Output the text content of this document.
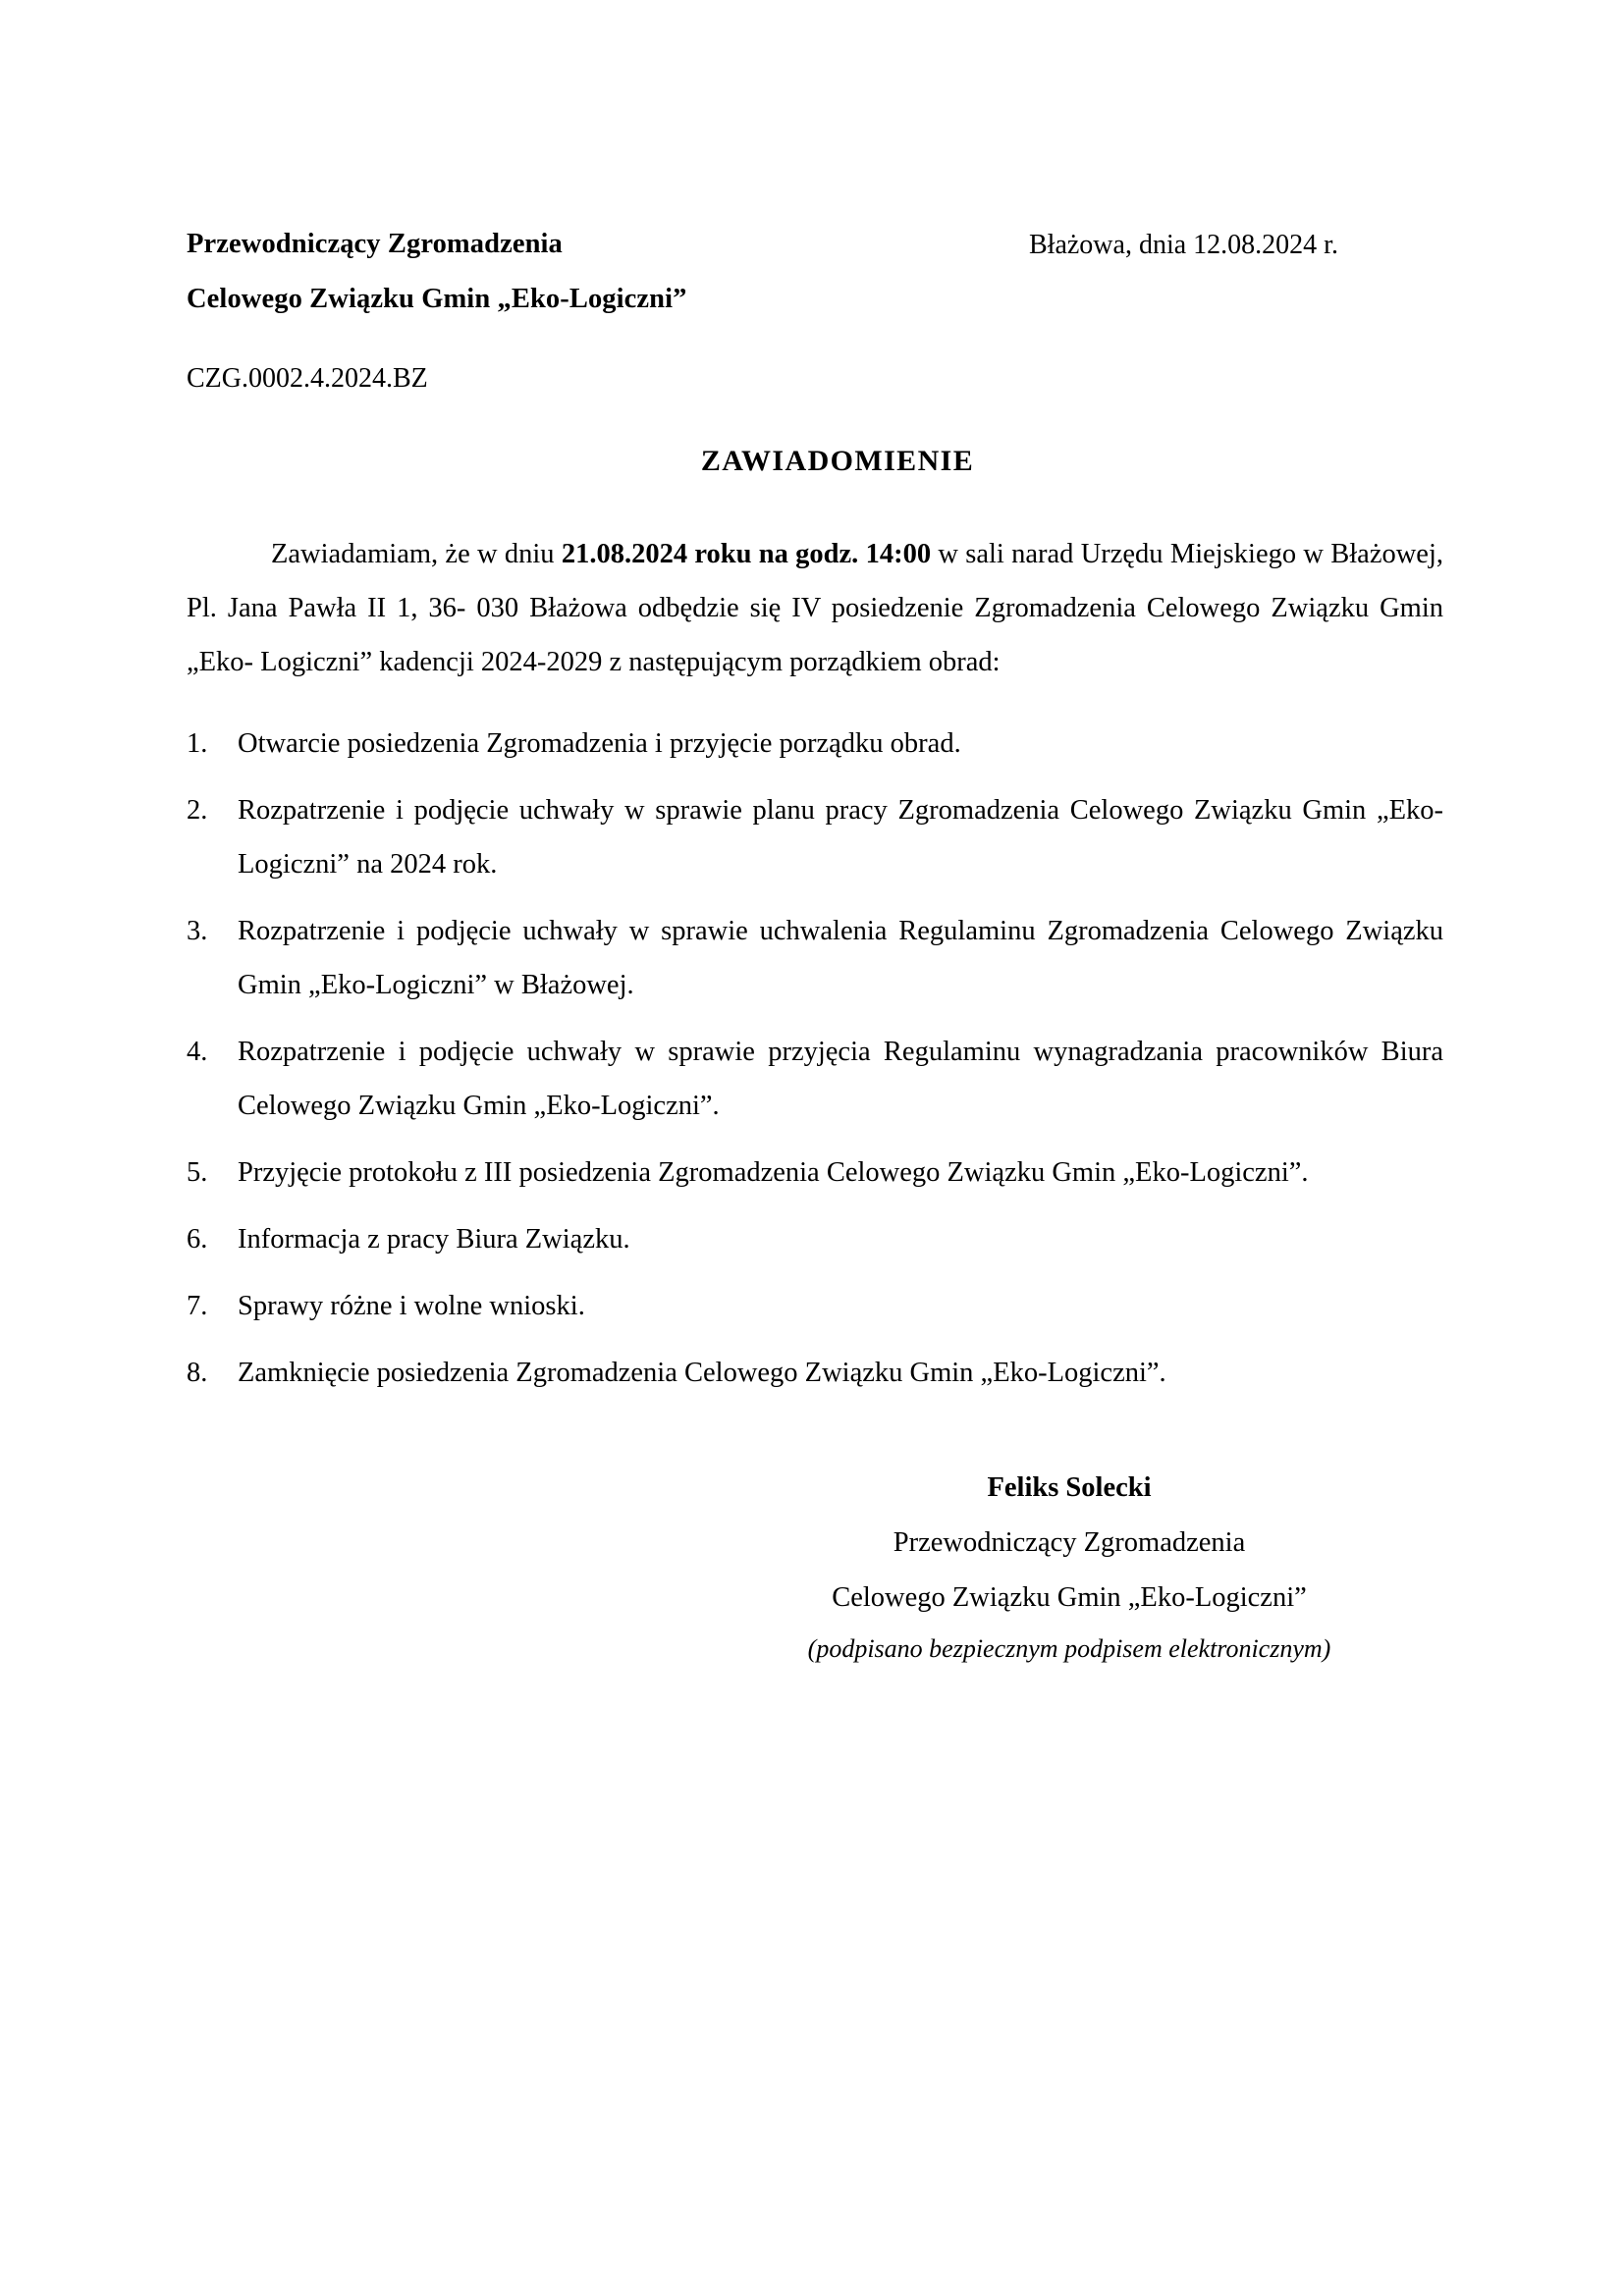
Przewodniczący Zgromadzenia	Błażowa, dnia 12.08.2024 r.
Celowego Związku Gmin „Eko-Logiczni”
CZG.0002.4.2024.BZ
ZAWIADOMIENIE

Zawiadamiam, że w dniu 21.08.2024 roku na godz. 14:00 w sali narad Urzędu Miejskiego w Błażowej, Pl. Jana Pawła II 1, 36- 030 Błażowa odbędzie się IV posiedzenie Zgromadzenia Celowego Związku Gmin „Eko- Logiczni” kadencji 2024-2029 z następującym porządkiem obrad:

1.	Otwarcie posiedzenia Zgromadzenia i przyjęcie porządku obrad.
2.	Rozpatrzenie i podjęcie uchwały w sprawie planu pracy Zgromadzenia Celowego Związku Gmin „Eko-Logiczni” na 2024 rok.
3.	Rozpatrzenie i podjęcie uchwały w sprawie uchwalenia Regulaminu Zgromadzenia Celowego Związku Gmin „Eko-Logiczni” w Błażowej.
4.	Rozpatrzenie i podjęcie uchwały w sprawie przyjęcia Regulaminu wynagradzania pracowników Biura Celowego Związku Gmin „Eko-Logiczni”.
5.	Przyjęcie protokołu z III posiedzenia Zgromadzenia Celowego Związku Gmin „Eko-Logiczni”.
6.	Informacja z pracy Biura Związku.
7.	Sprawy różne i wolne wnioski.
8.	Zamknięcie posiedzenia Zgromadzenia Celowego Związku Gmin „Eko-Logiczni”.
Feliks Solecki
Przewodniczący Zgromadzenia
Celowego Związku Gmin „Eko-Logiczni”
(podpisano bezpiecznym podpisem elektronicznym)
